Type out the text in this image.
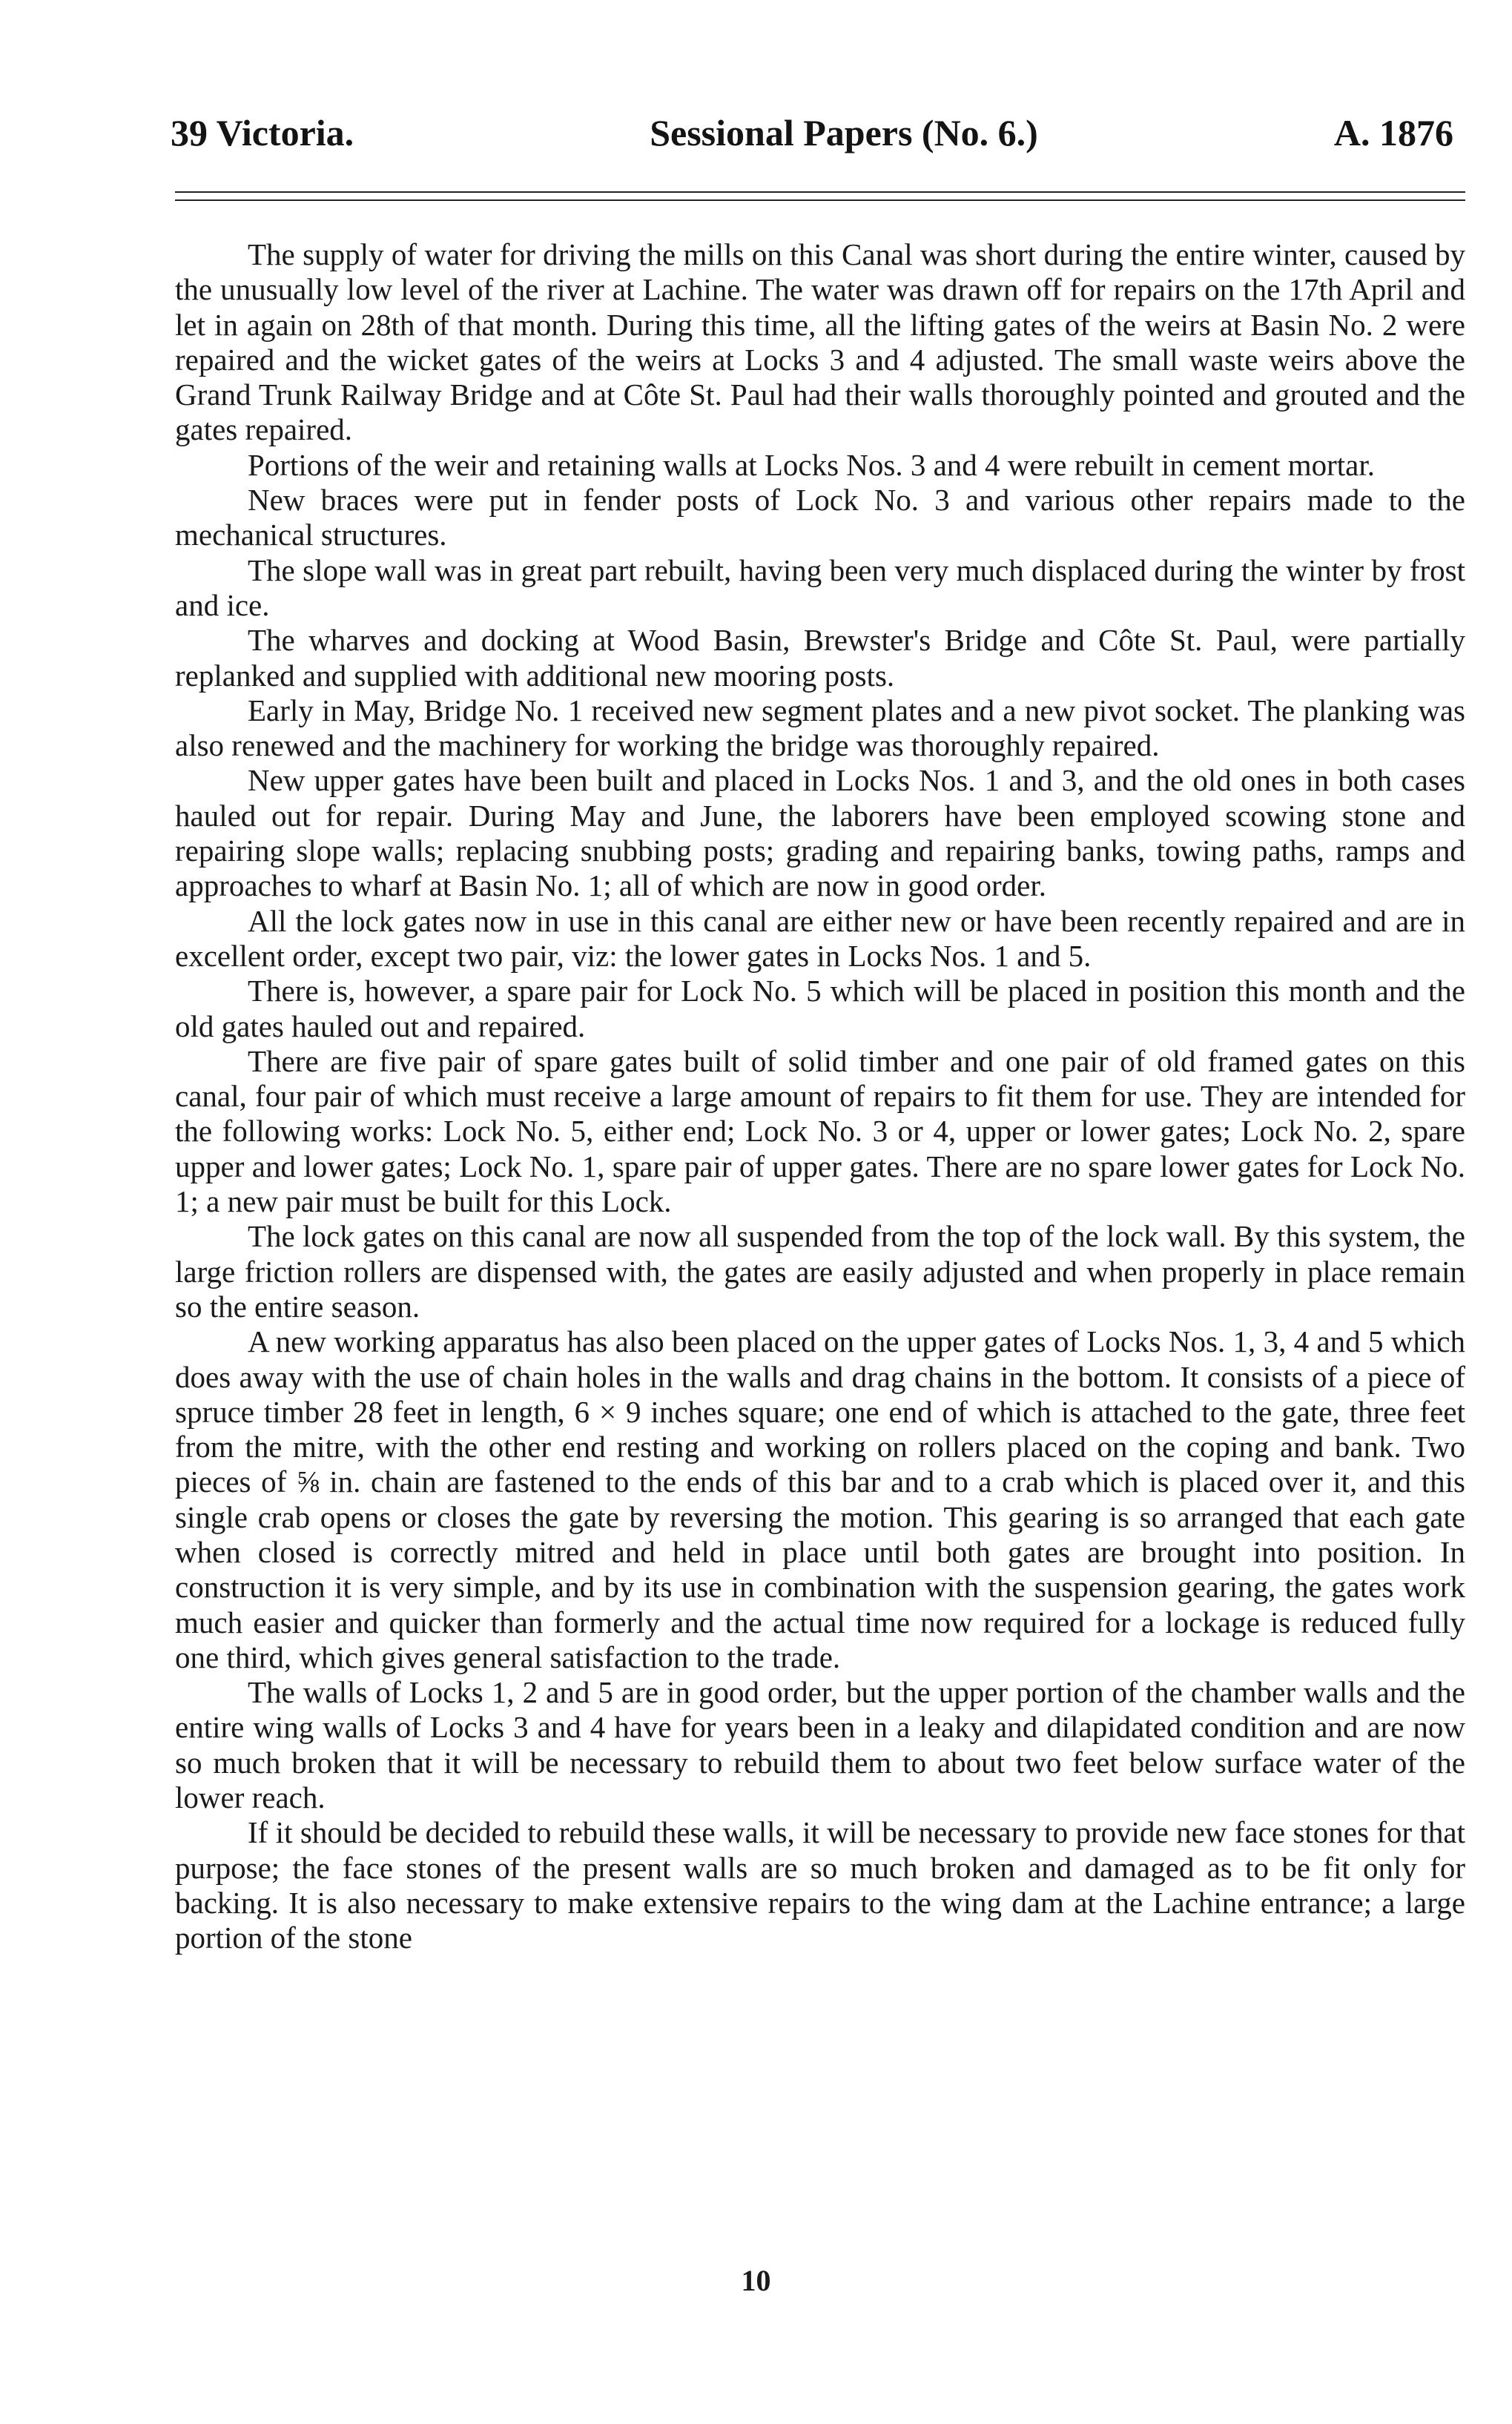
39 Victoria.	Sessional Papers (No. 6.)	A. 1876

The supply of water for driving the mills on this Canal was short during the entire winter, caused by the unusually low level of the river at Lachine. The water was drawn off for repairs on the 17th April and let in again on 28th of that month. During this time, all the lifting gates of the weirs at Basin No. 2 were repaired and the wicket gates of the weirs at Locks 3 and 4 adjusted. The small waste weirs above the Grand Trunk Railway Bridge and at Côte St. Paul had their walls thoroughly pointed and grouted and the gates repaired.

Portions of the weir and retaining walls at Locks Nos. 3 and 4 were rebuilt in cement mortar.

New braces were put in fender posts of Lock No. 3 and various other repairs made to the mechanical structures.

The slope wall was in great part rebuilt, having been very much displaced during the winter by frost and ice.

The wharves and docking at Wood Basin, Brewster's Bridge and Côte St. Paul, were partially replanked and supplied with additional new mooring posts.

Early in May, Bridge No. 1 received new segment plates and a new pivot socket. The planking was also renewed and the machinery for working the bridge was thoroughly repaired.

New upper gates have been built and placed in Locks Nos. 1 and 3, and the old ones in both cases hauled out for repair. During May and June, the laborers have been employed scowing stone and repairing slope walls; replacing snubbing posts; grading and repairing banks, towing paths, ramps and approaches to wharf at Basin No. 1; all of which are now in good order.

All the lock gates now in use in this canal are either new or have been recently repaired and are in excellent order, except two pair, viz: the lower gates in Locks Nos. 1 and 5.

There is, however, a spare pair for Lock No. 5 which will be placed in position this month and the old gates hauled out and repaired.

There are five pair of spare gates built of solid timber and one pair of old framed gates on this canal, four pair of which must receive a large amount of repairs to fit them for use. They are intended for the following works: Lock No. 5, either end; Lock No. 3 or 4, upper or lower gates; Lock No. 2, spare upper and lower gates; Lock No. 1, spare pair of upper gates. There are no spare lower gates for Lock No. 1; a new pair must be built for this Lock.

The lock gates on this canal are now all suspended from the top of the lock wall. By this system, the large friction rollers are dispensed with, the gates are easily adjusted and when properly in place remain so the entire season.

A new working apparatus has also been placed on the upper gates of Locks Nos. 1, 3, 4 and 5 which does away with the use of chain holes in the walls and drag chains in the bottom. It consists of a piece of spruce timber 28 feet in length, 6 × 9 inches square; one end of which is attached to the gate, three feet from the mitre, with the other end resting and working on rollers placed on the coping and bank. Two pieces of ⅝ in. chain are fastened to the ends of this bar and to a crab which is placed over it, and this single crab opens or closes the gate by reversing the motion. This gearing is so arranged that each gate when closed is correctly mitred and held in place until both gates are brought into position. In construction it is very simple, and by its use in combination with the suspension gearing, the gates work much easier and quicker than formerly and the actual time now required for a lockage is reduced fully one third, which gives general satisfaction to the trade.

The walls of Locks 1, 2 and 5 are in good order, but the upper portion of the chamber walls and the entire wing walls of Locks 3 and 4 have for years been in a leaky and dilapidated condition and are now so much broken that it will be necessary to rebuild them to about two feet below surface water of the lower reach.

If it should be decided to rebuild these walls, it will be necessary to provide new face stones for that purpose; the face stones of the present walls are so much broken and damaged as to be fit only for backing. It is also necessary to make extensive repairs to the wing dam at the Lachine entrance; a large portion of the stone

10
